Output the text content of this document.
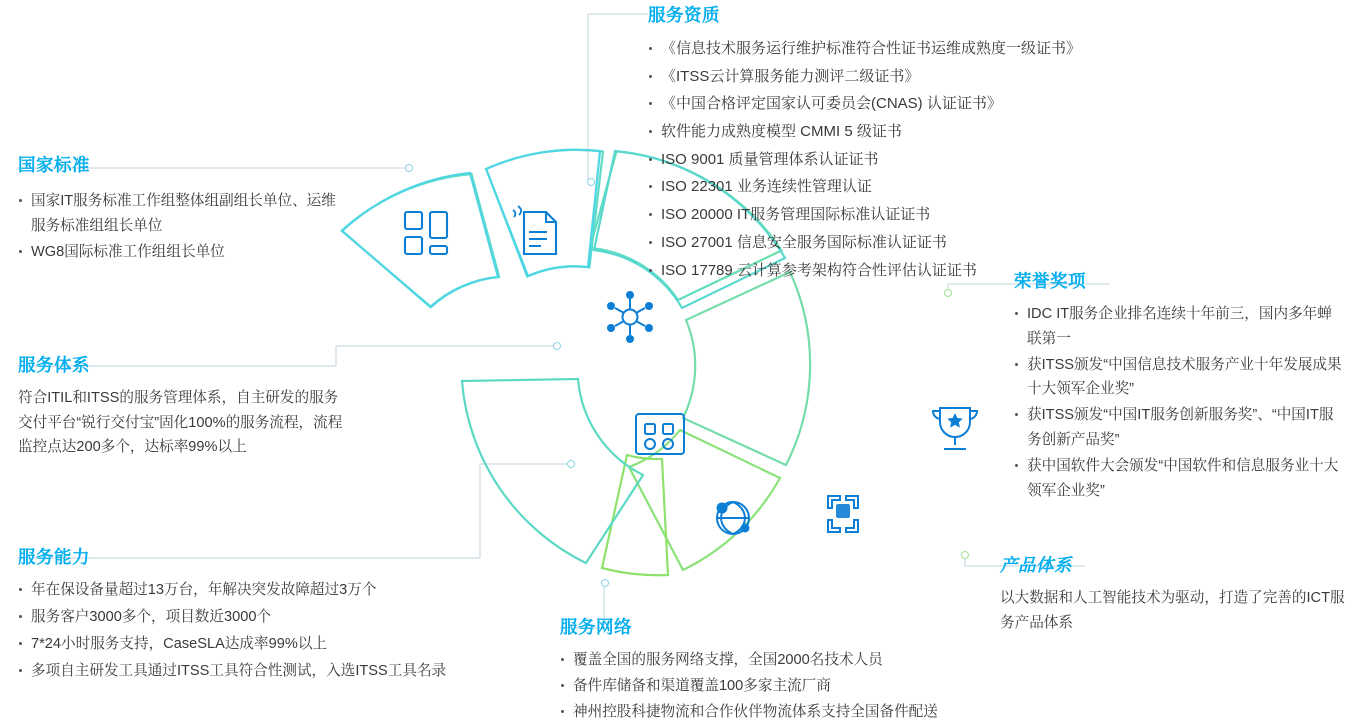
服务资质
《信息技术服务运行维护标准符合性证书运维成熟度一级证书》
《ITSS云计算服务能力测评二级证书》
《中国合格评定国家认可委员会(CNAS) 认证证书》
软件能力成熟度模型 CMMI 5 级证书
ISO 9001 质量管理体系认证证书
ISO 22301 业务连续性管理认证
ISO 20000 IT服务管理国际标准认证证书
ISO 27001 信息安全服务国际标准认证证书
ISO 17789 云计算参考架构符合性评估认证证书
国家标准
国家IT服务标准工作组整体组副组长单位、运维服务标准组组长单位
WG8国际标准工作组组长单位
服务体系

符合ITIL和ITSS的服务管理体系，自主研发的服务交付平台“锐行交付宝”固化100%的服务流程，流程监控点达200多个，达标率99%以上

服务能力
年在保设备量超过13万台，年解决突发故障超过3万个
服务客户3000多个，项目数近3000个
7*24小时服务支持，CaseSLA达成率99%以上
多项自主研发工具通过ITSS工具符合性测试，入选ITSS工具名录
服务网络
覆盖全国的服务网络支撑，全国2000名技术人员
备件库储备和渠道覆盖100多家主流厂商
神州控股科捷物流和合作伙伴物流体系支持全国备件配送
荣誉奖项
IDC IT服务企业排名连续十年前三，国内多年蝉联第一
获ITSS颁发“中国信息技术服务产业十年发展成果十大领军企业奖”
获ITSS颁发“中国IT服务创新服务奖”、“中国IT服务创新产品奖”
获中国软件大会颁发“中国软件和信息服务业十大领军企业奖”
产品体系

以大数据和人工智能技术为驱动，打造了完善的ICT服务产品体系
